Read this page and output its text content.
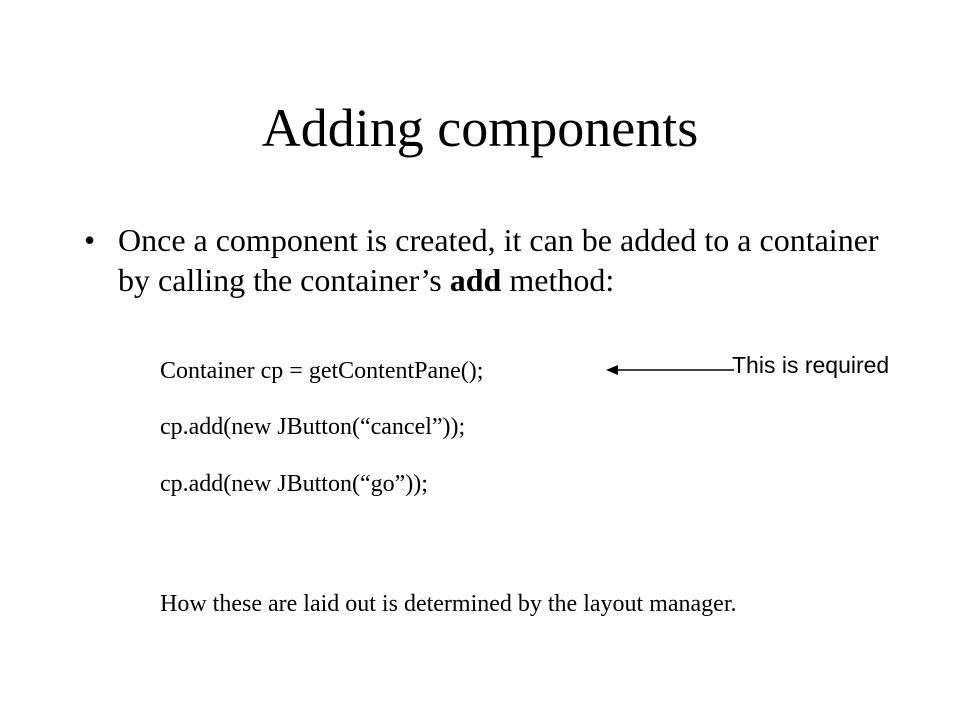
Adding components
• Once a component is created, it can be added to a container by calling the container’s add method:
Container cp = getContentPane();
cp.add(new JButton(“cancel”));
cp.add(new JButton(“go”));
This is required
How these are laid out is determined by the layout manager.
